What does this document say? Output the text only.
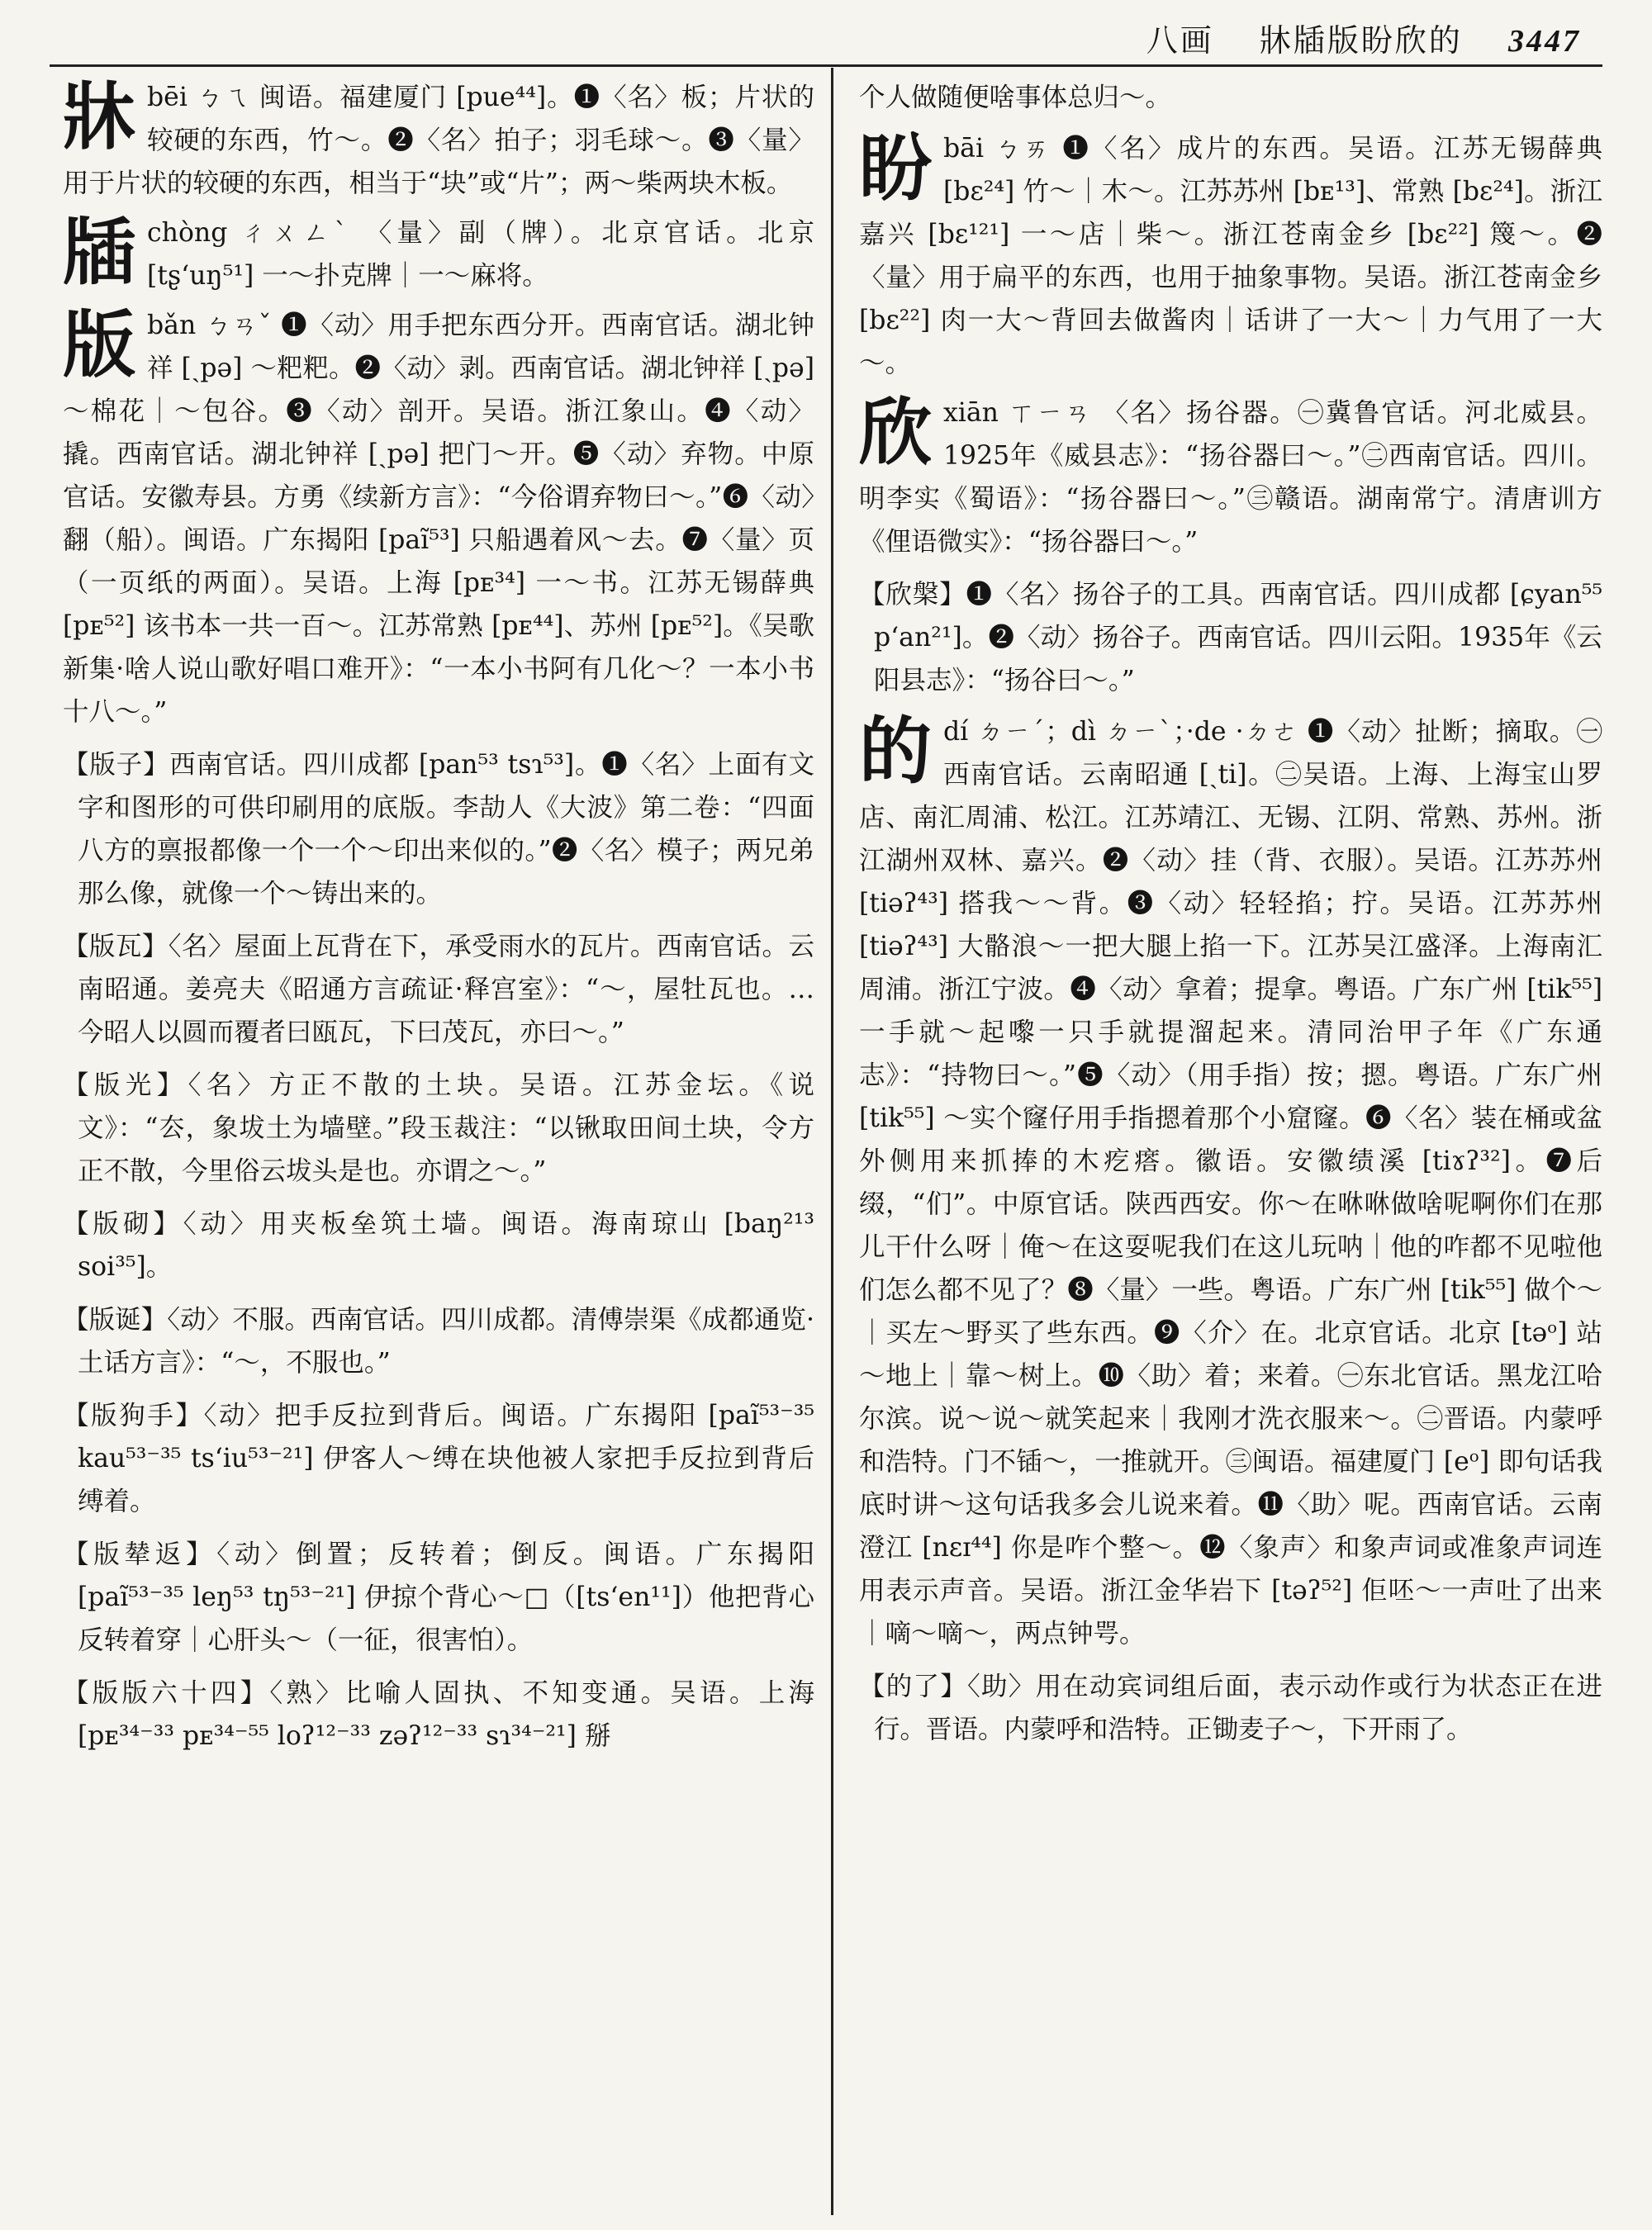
八画 牀牐版盼欣的 3447
牀 bēi ㄅㄟ 闽语。福建厦门 [pue⁴⁴]。❶〈名〉板；片状的较硬的东西，竹～。❷〈名〉拍子；羽毛球～。❸〈量〉用于片状的较硬的东西，相当于“块”或“片”；两～柴两块木板。

牐 chòng ㄔㄨㄥˋ 〈量〉副（牌）。北京官话。北京 [tʂʻuŋ⁵¹] 一～扑克牌｜一～麻将。

版 bǎn ㄅㄢˇ ❶〈动〉用手把东西分开。西南官话。湖北钟祥 [ˏpə] ～粑粑。❷〈动〉剥。西南官话。湖北钟祥 [ˏpə] ～棉花｜～包谷。❸〈动〉剖开。吴语。浙江象山。❹〈动〉撬。西南官话。湖北钟祥 [ˏpə] 把门～开。❺〈动〉弃物。中原官话。安徽寿县。方勇《续新方言》：“今俗谓弃物曰～。”❻〈动〉翻（船）。闽语。广东揭阳 [paĩ⁵³] 只船遇着风～去。❼〈量〉页（一页纸的两面）。吴语。上海 [pᴇ³⁴] 一～书。江苏无锡薛典 [pᴇ⁵²] 该书本一共一百～。江苏常熟 [pᴇ⁴⁴]、苏州 [pᴇ⁵²]。《吴歌新集·啥人说山歌好唱口难开》：“一本小书阿有几化～？一本小书十八～。”

【版子】西南官话。四川成都 [pan⁵³ tsɿ⁵³]。❶〈名〉上面有文字和图形的可供印刷用的底版。李劼人《大波》第二卷：“四面八方的禀报都像一个一个～印出来似的。”❷〈名〉模子；两兄弟那么像，就像一个～铸出来的。

【版瓦】〈名〉屋面上瓦背在下，承受雨水的瓦片。西南官话。云南昭通。姜亮夫《昭通方言疏证·释宫室》：“～，屋牡瓦也。…今昭人以圆而覆者曰瓯瓦，下曰茂瓦，亦曰～。”

【版光】〈名〉方正不散的土块。吴语。江苏金坛。《说文》：“厺，象坺土为墙壁。”段玉裁注：“以锹取田间土块，令方正不散，今里俗云坺头是也。亦谓之～。”

【版砌】〈动〉用夹板垒筑土墙。闽语。海南琼山 [baŋ²¹³ soi³⁵]。

【版诞】〈动〉不服。西南官话。四川成都。清傅崇渠《成都通览·土话方言》：“～，不服也。”

【版狗手】〈动〉把手反拉到背后。闽语。广东揭阳 [paĩ⁵³⁻³⁵ kau⁵³⁻³⁵ tsʻiu⁵³⁻²¹] 伊客人～缚在块他被人家把手反拉到背后缚着。

【版辇返】〈动〉倒置；反转着；倒反。闽语。广东揭阳 [paĩ⁵³⁻³⁵ leŋ⁵³ tŋ⁵³⁻²¹] 伊掠个背心～□（[tsʻen¹¹]）他把背心反转着穿｜心肝头～（一征，很害怕）。

【版版六十四】〈熟〉比喻人固执、不知变通。吴语。上海 [pᴇ³⁴⁻³³ pᴇ³⁴⁻⁵⁵ loʔ¹²⁻³³ zəʔ¹²⁻³³ sɿ³⁴⁻²¹] 掰

个人做随便啥事体总归～。

盼 bāi ㄅㄞ ❶〈名〉成片的东西。吴语。江苏无锡薛典 [bɛ²⁴] 竹～｜木～。江苏苏州 [bᴇ¹³]、常熟 [bɛ²⁴]。浙江嘉兴 [bɛ¹²¹] 一～店｜柴～。浙江苍南金乡 [bɛ²²] 篾～。❷〈量〉用于扁平的东西，也用于抽象事物。吴语。浙江苍南金乡 [bɛ²²] 肉一大～背回去做酱肉｜话讲了一大～｜力气用了一大～。

欣 xiān ㄒㄧㄢ 〈名〉扬谷器。㊀冀鲁官话。河北威县。1925年《威县志》：“扬谷器曰～。”㊁西南官话。四川。明李实《蜀语》：“扬谷器曰～。”㊂赣语。湖南常宁。清唐训方《俚语微实》：“扬谷器曰～。”

【欣槃】❶〈名〉扬谷子的工具。西南官话。四川成都 [ɕyan⁵⁵ pʻan²¹]。❷〈动〉扬谷子。西南官话。四川云阳。1935年《云阳县志》：“扬谷曰～。”

的 dí ㄉㄧˊ；dì ㄉㄧˋ；·de ·ㄉㄜ ❶〈动〉扯断；摘取。㊀西南官话。云南昭通 [ˏti]。㊁吴语。上海、上海宝山罗店、南汇周浦、松江。江苏靖江、无锡、江阴、常熟、苏州。浙江湖州双林、嘉兴。❷〈动〉挂（背、衣服）。吴语。江苏苏州 [tiəʔ⁴³] 搭我～～背。❸〈动〉轻轻掐；拧。吴语。江苏苏州 [tiəʔ⁴³] 大骼浪～一把大腿上掐一下。江苏吴江盛泽。上海南汇周浦。浙江宁波。❹〈动〉拿着；提拿。粤语。广东广州 [tik⁵⁵] 一手就～起嚟一只手就提溜起来。清同治甲子年《广东通志》：“持物曰～。”❺〈动〉（用手指）按；摁。粤语。广东广州 [tik⁵⁵] ～实个窿仔用手指摁着那个小窟窿。❻〈名〉装在桶或盆外侧用来抓捧的木疙瘩。徽语。安徽绩溪 [tiɤʔ³²]。❼后缀，“们”。中原官话。陕西西安。你～在咻咻做啥呢啊你们在那儿干什么呀｜俺～在这耍呢我们在这儿玩呐｜他的咋都不见啦他们怎么都不见了？❽〈量〉一些。粤语。广东广州 [tik⁵⁵] 做个～｜买左～野买了些东西。❾〈介〉在。北京官话。北京 [təᵒ] 站～地上｜靠～树上。❿〈助〉着；来着。㊀东北官话。黑龙江哈尔滨。说～说～就笑起来｜我刚才洗衣服来～。㊁晋语。内蒙呼和浩特。门不锸～，一推就开。㊂闽语。福建厦门 [eᵒ] 即句话我底时讲～这句话我多会儿说来着。⓫〈助〉呢。西南官话。云南澄江 [nɛɪ⁴⁴] 你是咋个整～。⓬〈象声〉和象声词或准象声词连用表示声音。吴语。浙江金华岩下 [təʔ⁵²] 佢呸～一声吐了出来｜嘀～嘀～，两点钟咢。

【的了】〈助〉用在动宾词组后面，表示动作或行为状态正在进行。晋语。内蒙呼和浩特。正锄麦子～，下开雨了。
